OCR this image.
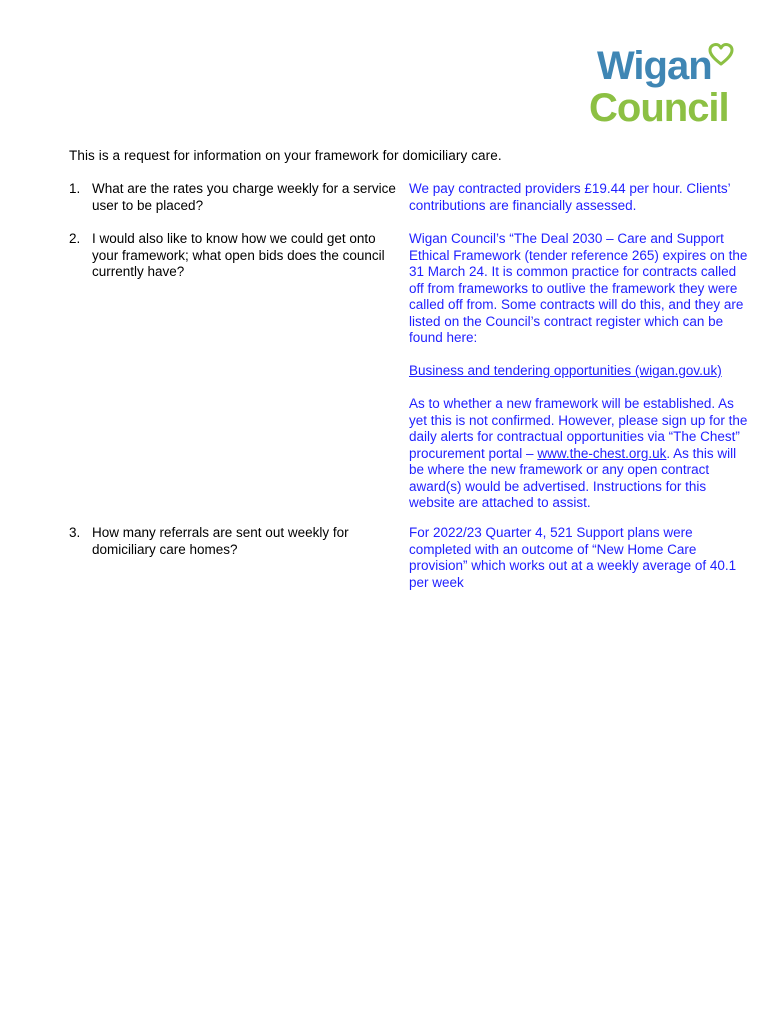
Wigan
Council
This is a request for information on your framework for domiciliary care.
1. What are the rates you charge weekly for a service user to be placed?

We pay contracted providers £19.44 per hour. Clients’ contributions are financially assessed.

2. I would also like to know how we could get onto your framework; what open bids does the council currently have?

Wigan Council’s “The Deal 2030 – Care and Support Ethical Framework (tender reference 265) expires on the 31 March 24. It is common practice for contracts called off from frameworks to outlive the framework they were called off from. Some contracts will do this, and they are listed on the Council’s contract register which can be found here:

Business and tendering opportunities (wigan.gov.uk)

As to whether a new framework will be established. As yet this is not confirmed. However, please sign up for the daily alerts for contractual opportunities via “The Chest” procurement portal – www.the-chest.org.uk. As this will be where the new framework or any open contract award(s) would be advertised. Instructions for this website are attached to assist.

3. How many referrals are sent out weekly for domiciliary care homes?

For 2022/23 Quarter 4, 521 Support plans were completed with an outcome of “New Home Care provision” which works out at a weekly average of 40.1 per week
